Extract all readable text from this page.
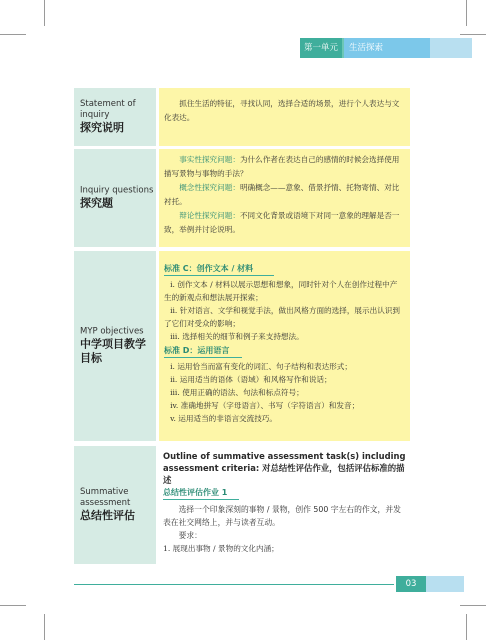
第一单元	生活探索
Statement of inquiry
探究说明

抓住生活的特征，寻找认同，选择合适的场景，进行个人表达与文化表达。

Inquiry questions
探究题

事实性探究问题：为什么作者在表达自己的感情的时候会选择使用描写景物与事物的手法？

概念性探究问题：明确概念——意象、借景抒情、托物寄情、对比衬托。

辩论性探究问题：不同文化背景或语境下对同一意象的理解是否一致，举例并讨论说明。

MYP objectives
中学项目教学目标
标准 C：创作文本 / 材料

i. 创作文本 / 材料以展示思想和想象，同时针对个人在创作过程中产生的新观点和想法展开探索；

ii. 针对语言、文学和视觉手法，做出风格方面的选择，展示出认识到了它们对受众的影响；

iii. 选择相关的细节和例子来支持想法。

标准 D：运用语言

i. 运用恰当而富有变化的词汇、句子结构和表达形式；

ii. 运用适当的语体（语域）和风格写作和说话；

iii. 使用正确的语法、句法和标点符号；

iv. 准确地拼写（字母语言）、书写（字符语言）和发音；

v. 运用适当的非语言交流技巧。

Summative assessment
总结性评估
Outline of summative assessment task(s) including assessment criteria: 对总结性评估作业，包括评估标准的描述
总结性评估作业 1

选择一个印象深刻的事物 / 景物，创作 500 字左右的作文，并发表在社交网络上，并与读者互动。

要求：

1. 展现出事物 / 景物的文化内涵；

03
